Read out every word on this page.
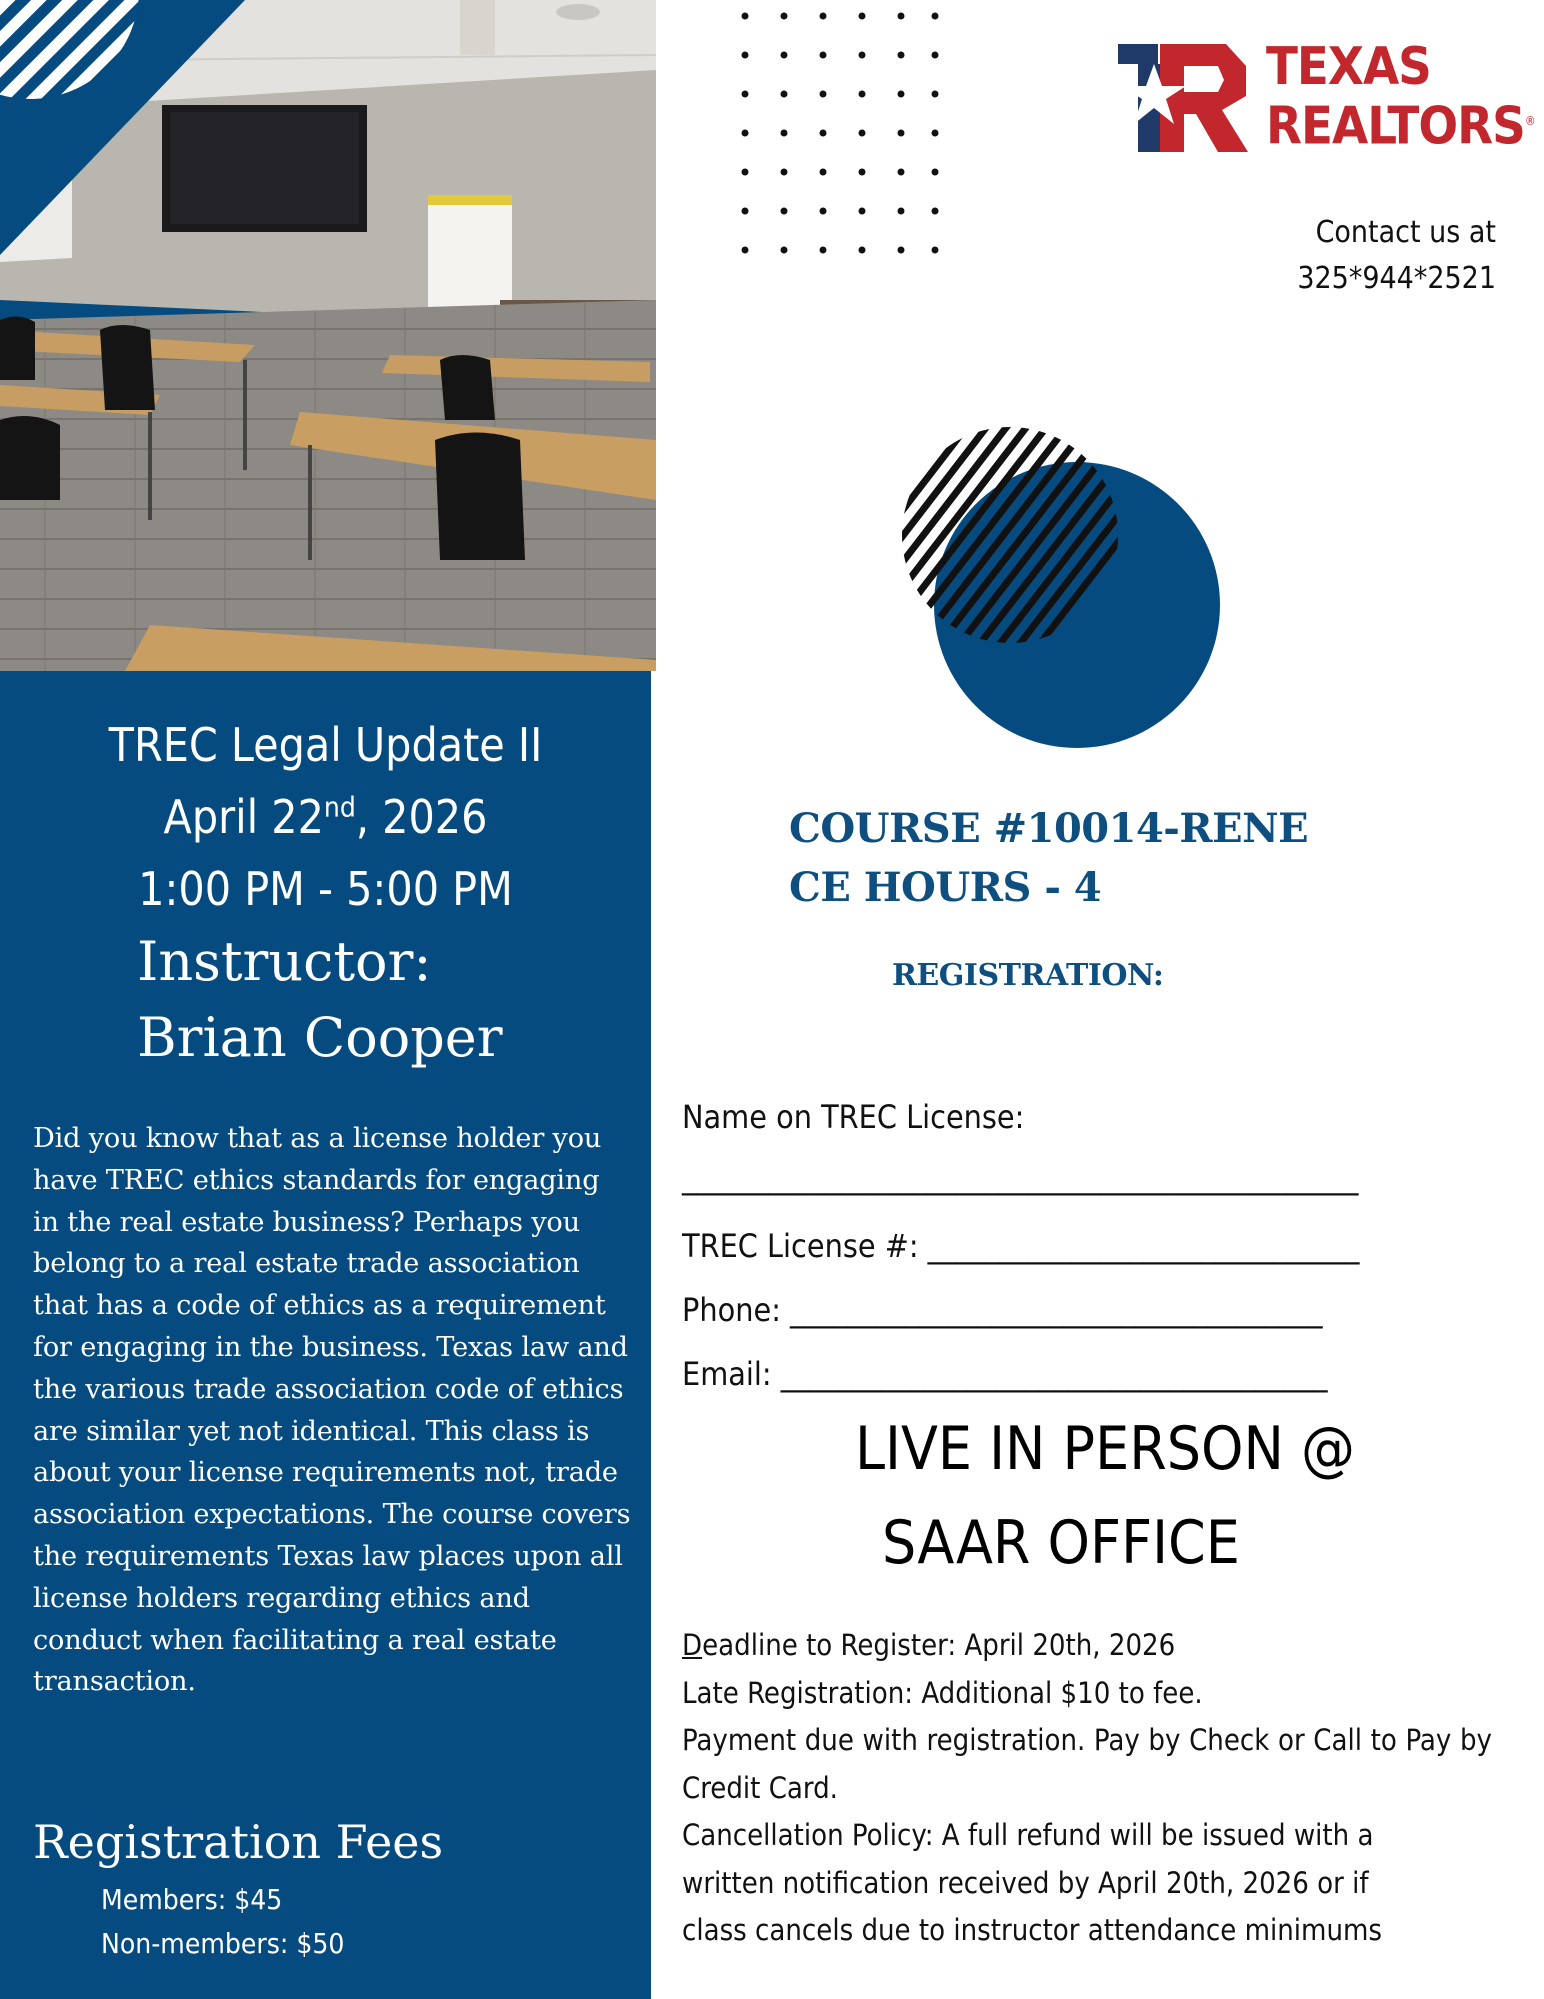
TREC Legal Update II
April 22nd, 2026
1:00 PM - 5:00 PM
Instructor:
Brian Cooper
Did you know that as a license holder you have TREC ethics standards for engaging in the real estate business? Perhaps you belong to a real estate trade association that has a code of ethics as a requirement for engaging in the business. Texas law and the various trade association code of ethics are similar yet not identical. This class is about your license requirements not, trade association expectations. The course covers the requirements Texas law places upon all license holders regarding ethics and conduct when facilitating a real estate transaction.
Registration Fees
Members: $45
Non-members: $50
TEXAS
REALTORS®
Contact us at
325*944*2521
COURSE #10014-RENE
CE HOURS - 4
REGISTRATION:
Name on TREC License:
_______________________________________________
TREC License #: ______________________________
Phone: _____________________________________
Email: ______________________________________
LIVE IN PERSON @
SAAR OFFICE

Deadline to Register: April 20th, 2026

Late Registration: Additional $10 to fee.

Payment due with registration. Pay by Check or Call to Pay by Credit Card.

Cancellation Policy: A full refund will be issued with a written notification received by April 20th, 2026 or if class cancels due to instructor attendance minimums
